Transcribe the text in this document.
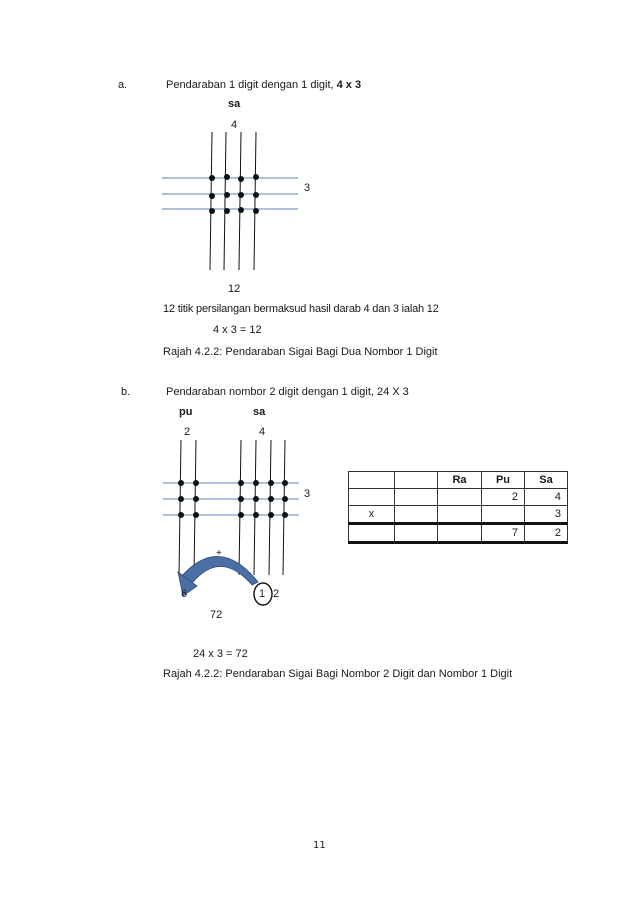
a.	Pendaraban 1 digit dengan 1 digit, 4 x 3
sa
4
3
12
12 titik persilangan bermaksud hasil darab 4 dan 3 ialah 12
4 x 3 = 12
Rajah 4.2.2: Pendaraban Sigai Bagi Dua Nombor 1 Digit
b.	Pendaraban nombor 2 digit dengan 1 digit, 24 X 3
pu	sa
2	4
3
+
6	1 2
72
24 x 3 = 72
Rajah 4.2.2: Pendaraban Sigai Bagi Nombor 2 Digit dan Nombor 1 Digit
		Ra	Pu	Sa
			2	4
x				3
			7	2
11
